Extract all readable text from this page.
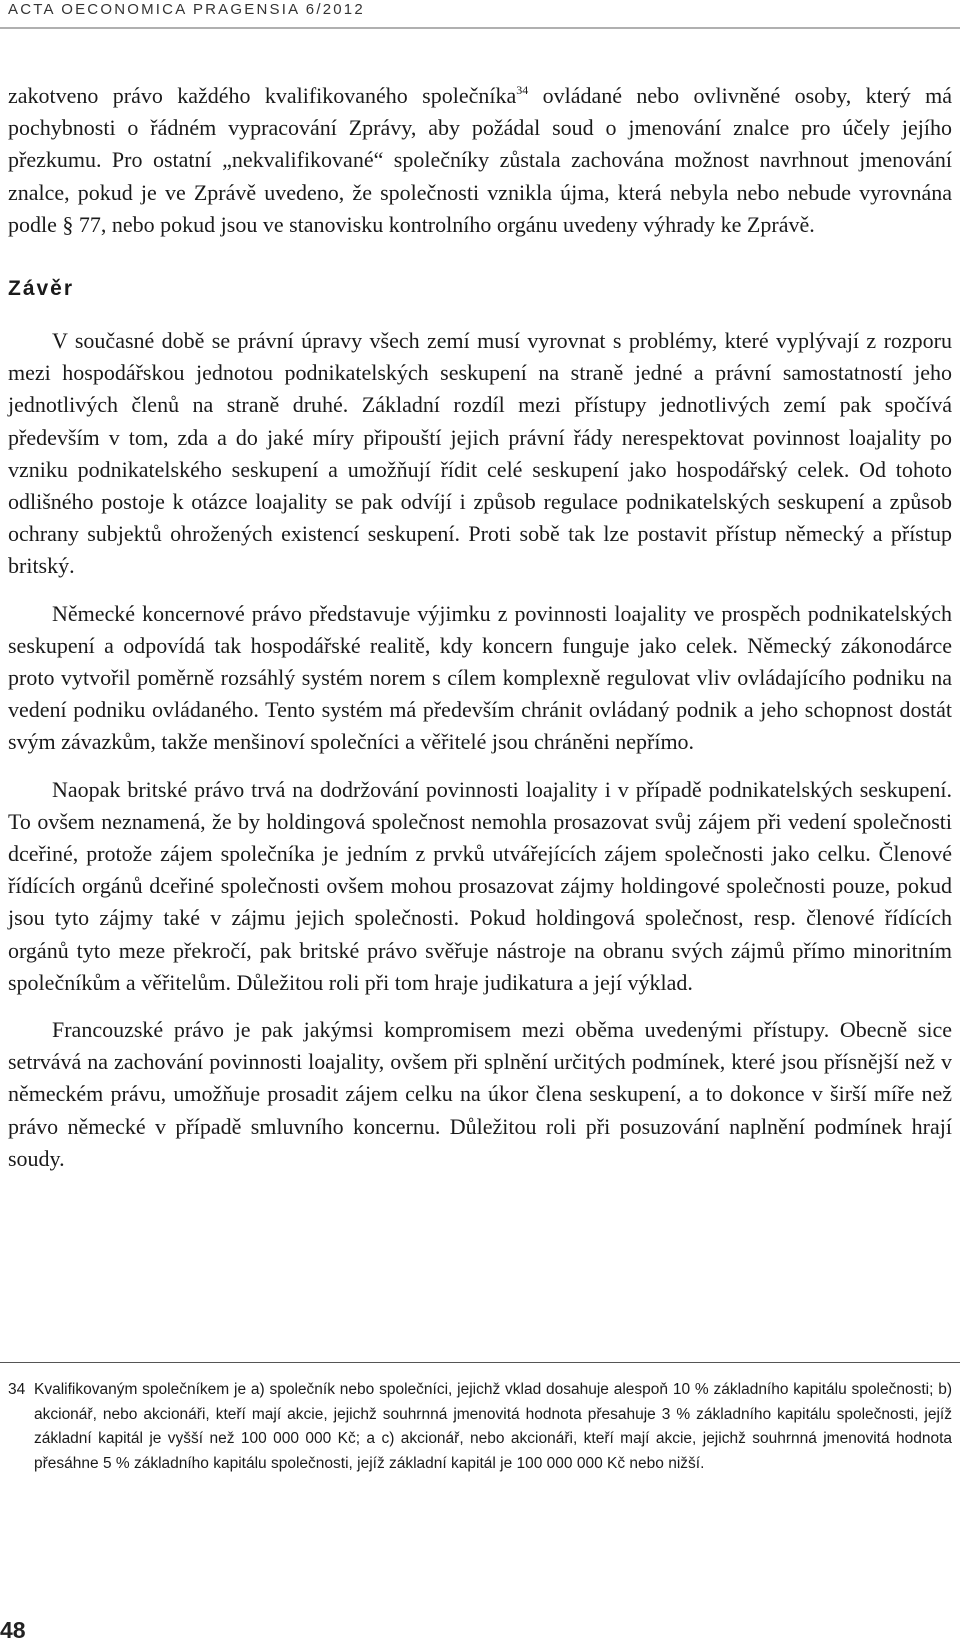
ACTA OECONOMICA PRAGENSIA 6/2012

zakotveno právo každého kvalifikovaného společníka$^{34}$ ovládané nebo ovlivněné osoby, který má pochybnosti o řádném vypracování Zprávy, aby požádal soud o jmenování znalce pro účely jejího přezkumu. Pro ostatní „nekvalifikované“ společníky zůstala zachována možnost navrhnout jmenování znalce, pokud je ve Zprávě uvedeno, že společnosti vznikla újma, která nebyla nebo nebude vyrovnána podle § 77, nebo pokud jsou ve stanovisku kontrolního orgánu uvedeny výhrady ke Zprávě.

Závěr

V současné době se právní úpravy všech zemí musí vyrovnat s problémy, které vyplývají z rozporu mezi hospodářskou jednotou podnikatelských seskupení na straně jedné a právní samostatností jeho jednotlivých členů na straně druhé. Základní rozdíl mezi přístupy jednotlivých zemí pak spočívá především v tom, zda a do jaké míry připouští jejich právní řády nerespektovat povinnost loajality po vzniku podnikatelského seskupení a umožňují řídit celé seskupení jako hospodářský celek. Od tohoto odlišného postoje k otázce loajality se pak odvíjí i způsob regulace podnikatelských seskupení a způsob ochrany subjektů ohrožených existencí seskupení. Proti sobě tak lze postavit přístup německý a přístup britský.

Německé koncernové právo představuje výjimku z povinnosti loajality ve prospěch podnikatelských seskupení a odpovídá tak hospodářské realitě, kdy koncern funguje jako celek. Německý zákonodárce proto vytvořil poměrně rozsáhlý systém norem s cílem komplexně regulovat vliv ovládajícího podniku na vedení podniku ovládaného. Tento systém má především chránit ovládaný podnik a jeho schopnost dostát svým závazkům, takže menšinoví společníci a věřitelé jsou chráněni nepřímo.

Naopak britské právo trvá na dodržování povinnosti loajality i v případě podnikatelských seskupení. To ovšem neznamená, že by holdingová společnost nemohla prosazovat svůj zájem při vedení společnosti dceřiné, protože zájem společníka je jedním z prvků utvářejících zájem společnosti jako celku. Členové řídících orgánů dceřiné společnosti ovšem mohou prosazovat zájmy holdingové společnosti pouze, pokud jsou tyto zájmy také v zájmu jejich společnosti. Pokud holdingová společnost, resp. členové řídících orgánů tyto meze překročí, pak britské právo svěřuje nástroje na obranu svých zájmů přímo minoritním společníkům a věřitelům. Důležitou roli při tom hraje judikatura a její výklad.

Francouzské právo je pak jakýmsi kompromisem mezi oběma uvedenými přístupy. Obecně sice setrvává na zachování povinnosti loajality, ovšem při splnění určitých podmínek, které jsou přísnější než v německém právu, umožňuje prosadit zájem celku na úkor člena seskupení, a to dokonce v širší míře než právo německé v případě smluvního koncernu. Důležitou roli při posuzování naplnění podmínek hrají soudy.

34 Kvalifikovaným společníkem je a) společník nebo společníci, jejichž vklad dosahuje alespoň 10 % základního kapitálu společnosti; b) akcionář, nebo akcionáři, kteří mají akcie, jejichž souhrnná jmenovitá hodnota přesahuje 3 % základního kapitálu společnosti, jejíž základní kapitál je vyšší než 100 000 000 Kč; a c) akcionář, nebo akcionáři, kteří mají akcie, jejichž souhrnná jmenovitá hodnota přesáhne 5 % základního kapitálu společnosti, jejíž základní kapitál je 100 000 000 Kč nebo nižší.
48
